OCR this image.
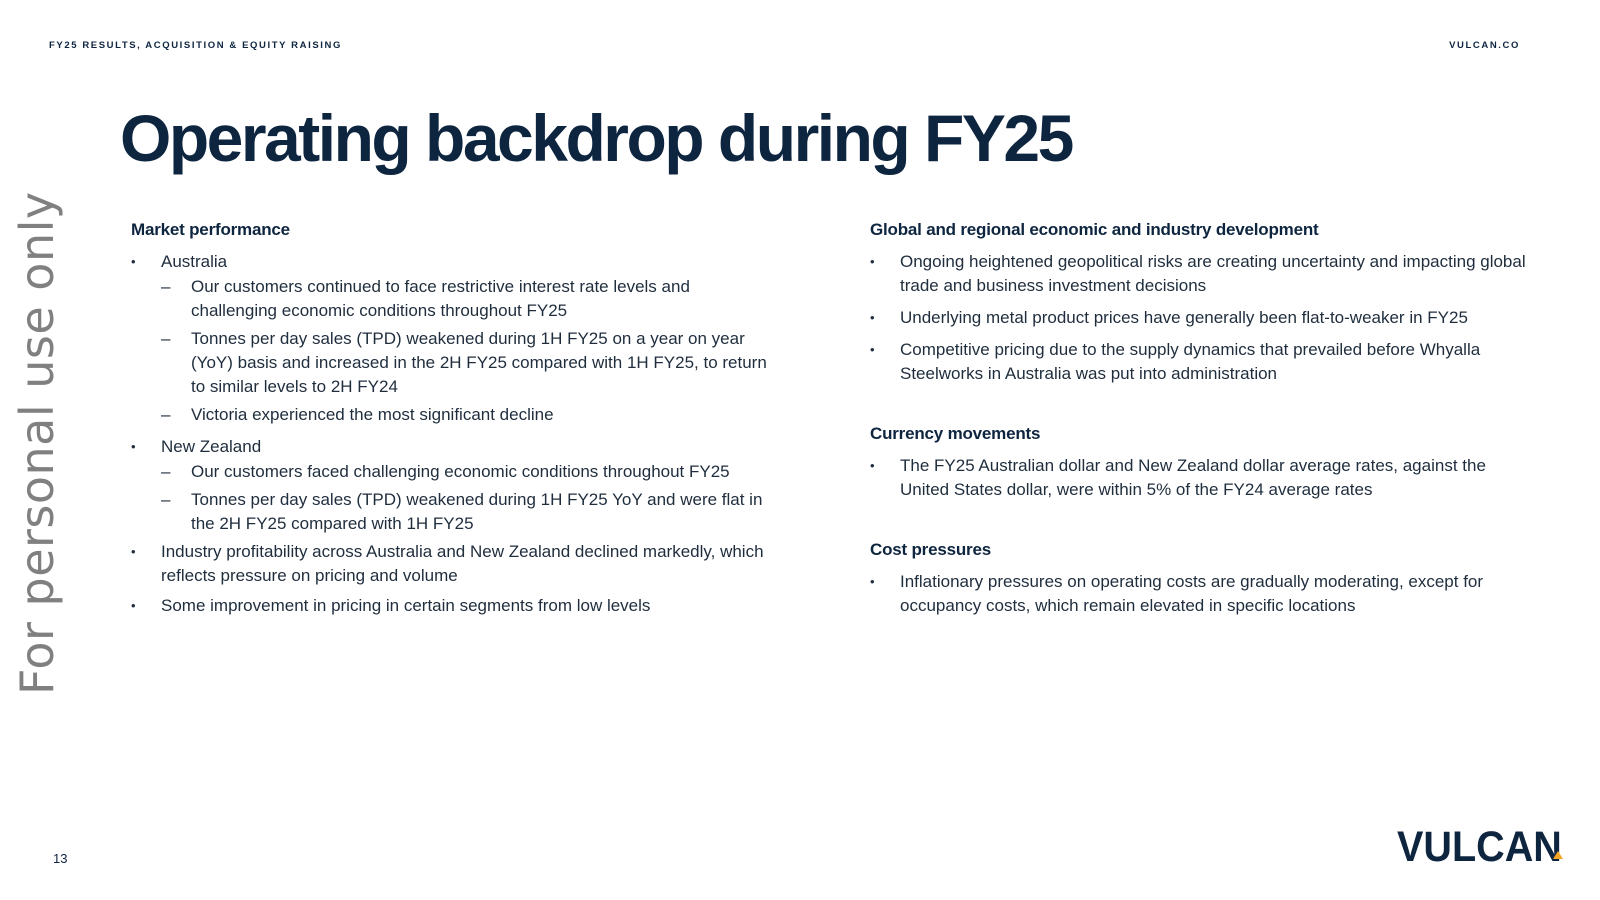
FY25 RESULTS, ACQUISITION & EQUITY RAISING	VULCAN.CO
For personal use only
Operating backdrop during FY25
Market performance
• Australia
– Our customers continued to face restrictive interest rate levels and challenging economic conditions throughout FY25
– Tonnes per day sales (TPD) weakened during 1H FY25 on a year on year (YoY) basis and increased in the 2H FY25 compared with 1H FY25, to return to similar levels to 2H FY24
– Victoria experienced the most significant decline
• New Zealand
– Our customers faced challenging economic conditions throughout FY25
– Tonnes per day sales (TPD) weakened during 1H FY25 YoY and were flat in the 2H FY25 compared with 1H FY25
• Industry profitability across Australia and New Zealand declined markedly, which reflects pressure on pricing and volume
• Some improvement in pricing in certain segments from low levels
Global and regional economic and industry development
• Ongoing heightened geopolitical risks are creating uncertainty and impacting global trade and business investment decisions
• Underlying metal product prices have generally been flat-to-weaker in FY25
• Competitive pricing due to the supply dynamics that prevailed before Whyalla Steelworks in Australia was put into administration
Currency movements
• The FY25 Australian dollar and New Zealand dollar average rates, against the United States dollar, were within 5% of the FY24 average rates
Cost pressures
• Inflationary pressures on operating costs are gradually moderating, except for occupancy costs, which remain elevated in specific locations
13	VULCAN
